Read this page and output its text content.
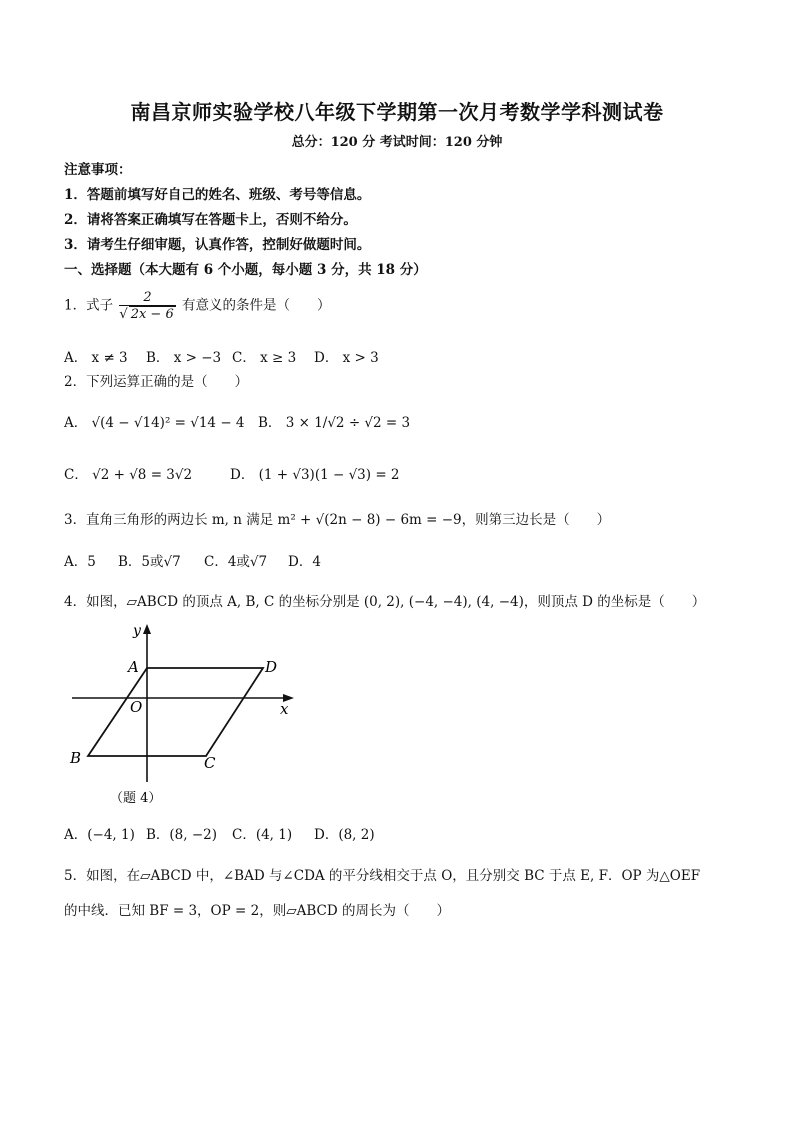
南昌京师实验学校八年级下学期第一次月考数学学科测试卷
总分：120 分 考试时间：120 分钟
注意事项：
1．答题前填写好自己的姓名、班级、考号等信息。
2．请将答案正确填写在答题卡上，否则不给分。
3．请考生仔细审题，认真作答，控制好做题时间。
一、选择题（本大题有 6 个小题，每小题 3 分，共 18 分）
1．式子 2
√ 2x − 6 有意义的条件是（　　）
A． x ≠ 3 B． x > −3 C． x ≥ 3 D． x > 3
2．下列运算正确的是（　　）
A． √(4 − √14)² = √14 − 4 B． 3 × 1/√2 ÷ √2 = 3
C． √2 + √8 = 3√2	D． (1 + √3)(1 − √3) = 2
3．直角三角形的两边长 m, n 满足 m² + √(2n − 8) − 6m = −9，则第三边长是（　　）
A．5 B．5或√7 C．4或√7 D．4
4．如图，▱ABCD 的顶点 A, B, C 的坐标分别是 (0, 2), (−4, −4), (4, −4)，则顶点 D 的坐标是（　　）
y
x
A	D
O
B	C
（题 4）
A．(−4, 1) B．(8, −2) C．(4, 1) D．(8, 2)
5．如图，在▱ABCD 中，∠BAD 与∠CDA 的平分线相交于点 O，且分别交 BC 于点 E, F．OP 为△OEF
的中线．已知 BF = 3，OP = 2，则▱ABCD 的周长为（　　）
